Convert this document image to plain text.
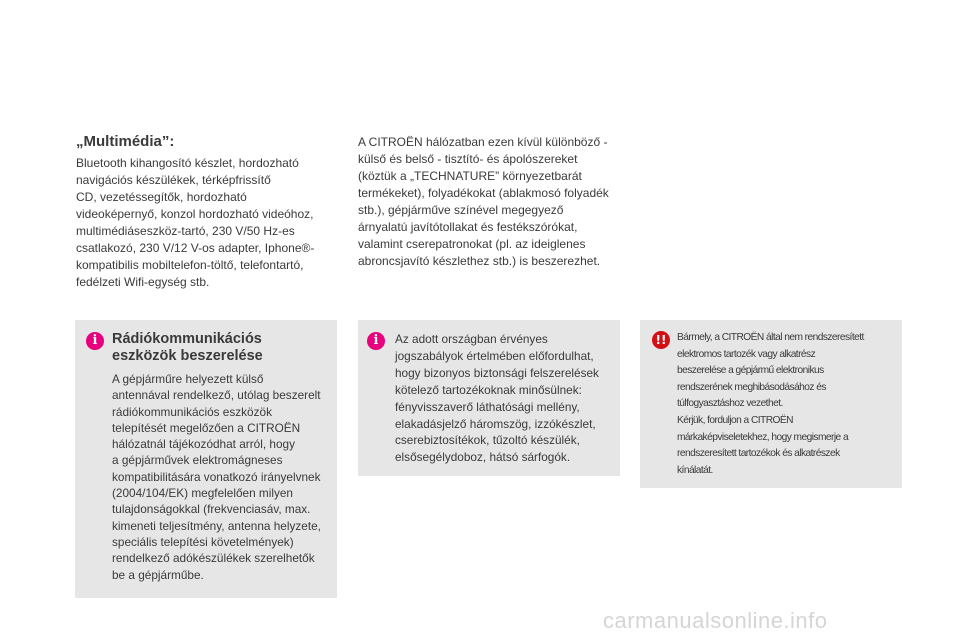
„Multimédia”:

Bluetooth kihangosító készlet, hordozható
navigációs készülékek, térképfrissítő
CD, vezetéssegítők, hordozható
videoképernyő, konzol hordozható videóhoz,
multimédiáseszköz-tartó, 230 V/50 Hz-es
csatlakozó, 230 V/12 V-os adapter, Iphone®-
kompatibilis mobiltelefon-töltő, telefontartó,
fedélzeti Wifi-egység stb.

A CITROËN hálózatban ezen kívül különböző -
külső és belső - tisztító- és ápolószereket
(köztük a „TECHNATURE” környezetbarát
termékeket), folyadékokat (ablakmosó folyadék
stb.), gépjárműve színével megegyező
árnyalatú javítótollakat és festékszórókat,
valamint cserepatronokat (pl. az ideiglenes
abroncsjavító készlethez stb.) is beszerezhet.

i	Rádiókommunikációs
eszközök beszerelése

A gépjárműre helyezett külső
antennával rendelkező, utólag beszerelt
rádiókommunikációs eszközök
telepítését megelőzően a CITROËN
hálózatnál tájékozódhat arról, hogy
a gépjárművek elektromágneses
kompatibilitására vonatkozó irányelvnek
(2004/104/EK) megfelelően milyen
tulajdonságokkal (frekvenciasáv, max.
kimeneti teljesítmény, antenna helyzete,
speciális telepítési követelmények)
rendelkező adókészülékek szerelhetők
be a gépjárműbe.

i	Az adott országban érvényes
jogszabályok értelmében előfordulhat,
hogy bizonyos biztonsági felszerelések
kötelező tartozékoknak minősülnek:
fényvisszaverő láthatósági mellény,
elakadásjelző háromszög, izzókészlet,
cserebiztosítékok, tűzoltó készülék,
elsősegélydoboz, hátsó sárfogók.

!!	Bármely, a CITROËN által nem rendszeresített
elektromos tartozék vagy alkatrész
beszerelése a gépjármű elektronikus
rendszerének meghibásodásához és
túlfogyasztáshoz vezethet.
Kérjük, forduljon a CITROËN
márkaképviseletekhez, hogy megismerje a
rendszeresített tartozékok és alkatrészek
kínálatát.

carmanualsonline.info
